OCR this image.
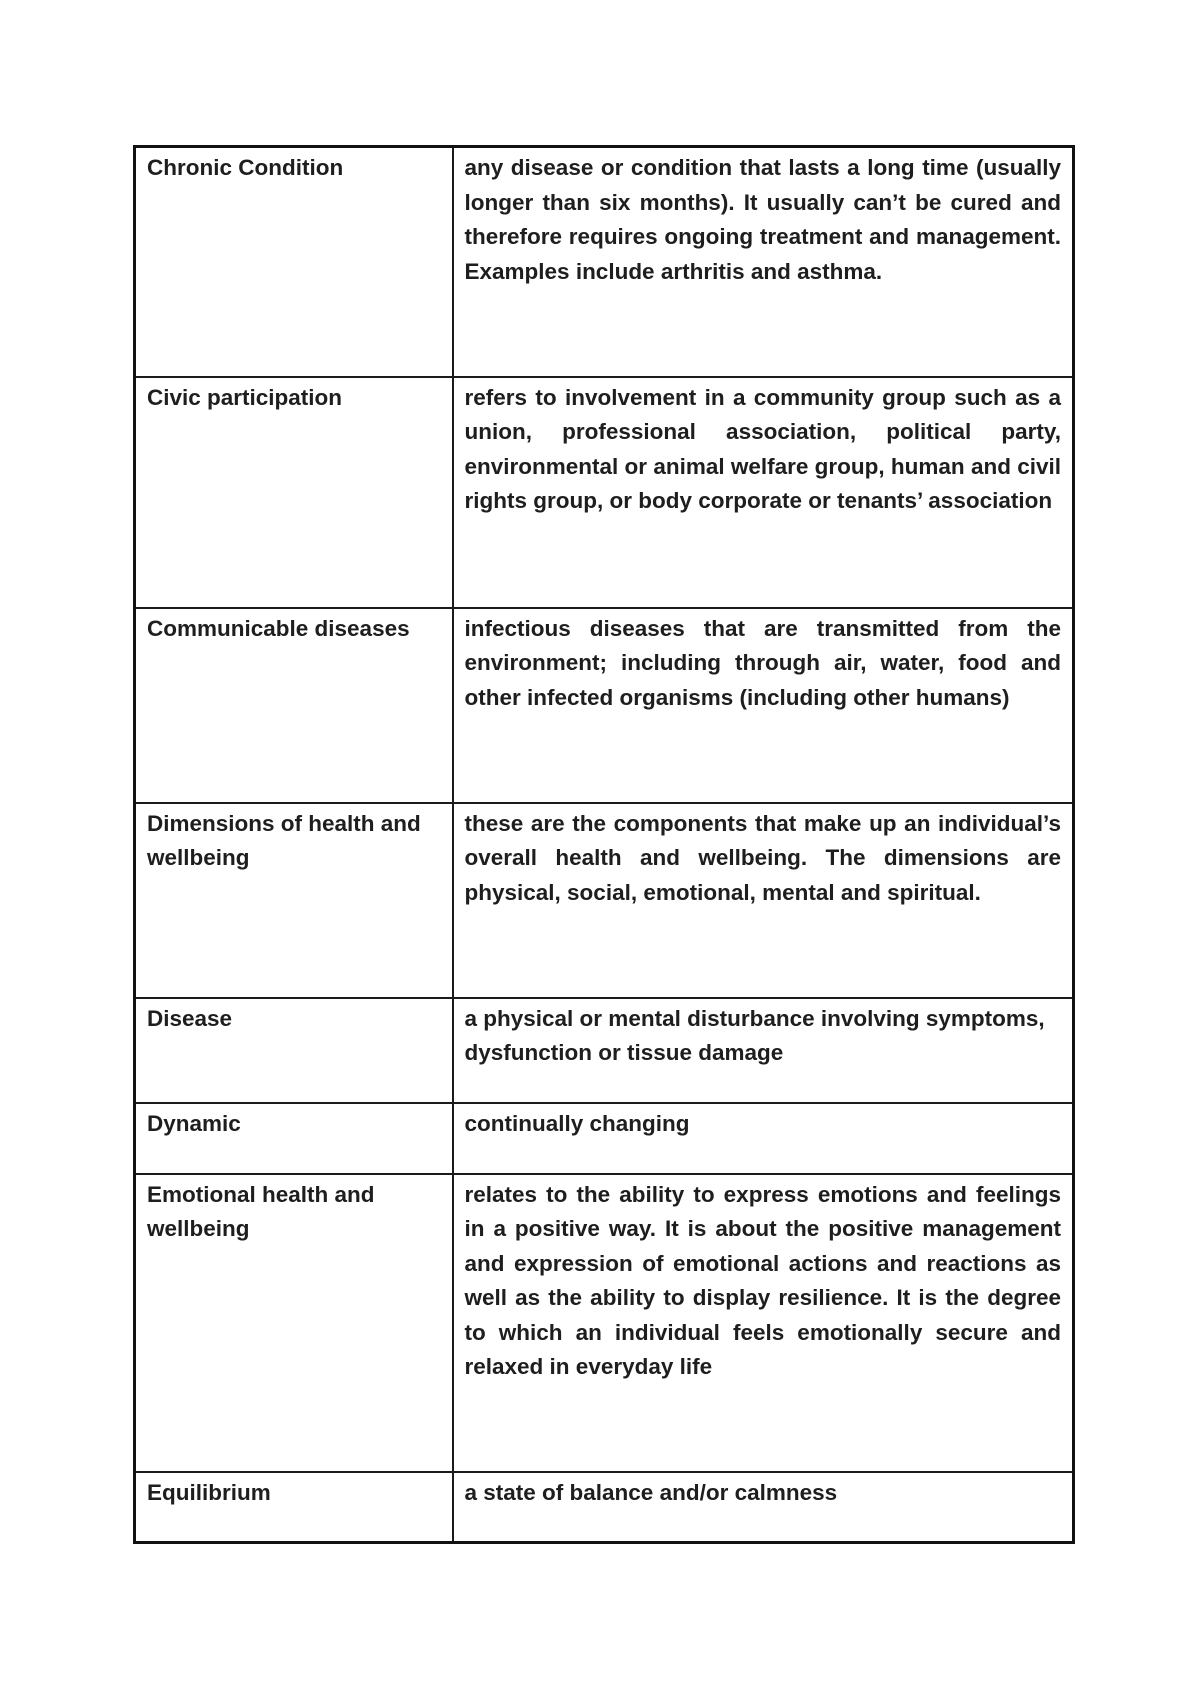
Chronic Condition	any disease or condition that lasts a long time (usually longer than six months). It usually can’t be cured and therefore requires ongoing treatment and management. Examples include arthritis and asthma.
Civic participation	refers to involvement in a community group such as a union, professional association, political party, environmental or animal welfare group, human and civil rights group, or body corporate or tenants’ association
Communicable diseases	infectious diseases that are transmitted from the environment; including through air, water, food and other infected organisms (including other humans)
Dimensions of health and wellbeing	these are the components that make up an individual’s overall health and wellbeing. The dimensions are physical, social, emotional, mental and spiritual.
Disease	a physical or mental disturbance involving symptoms, dysfunction or tissue damage
Dynamic	continually changing
Emotional health and wellbeing	relates to the ability to express emotions and feelings in a positive way. It is about the positive management and expression of emotional actions and reactions as well as the ability to display resilience. It is the degree to which an individual feels emotionally secure and relaxed in everyday life
Equilibrium	a state of balance and/or calmness
